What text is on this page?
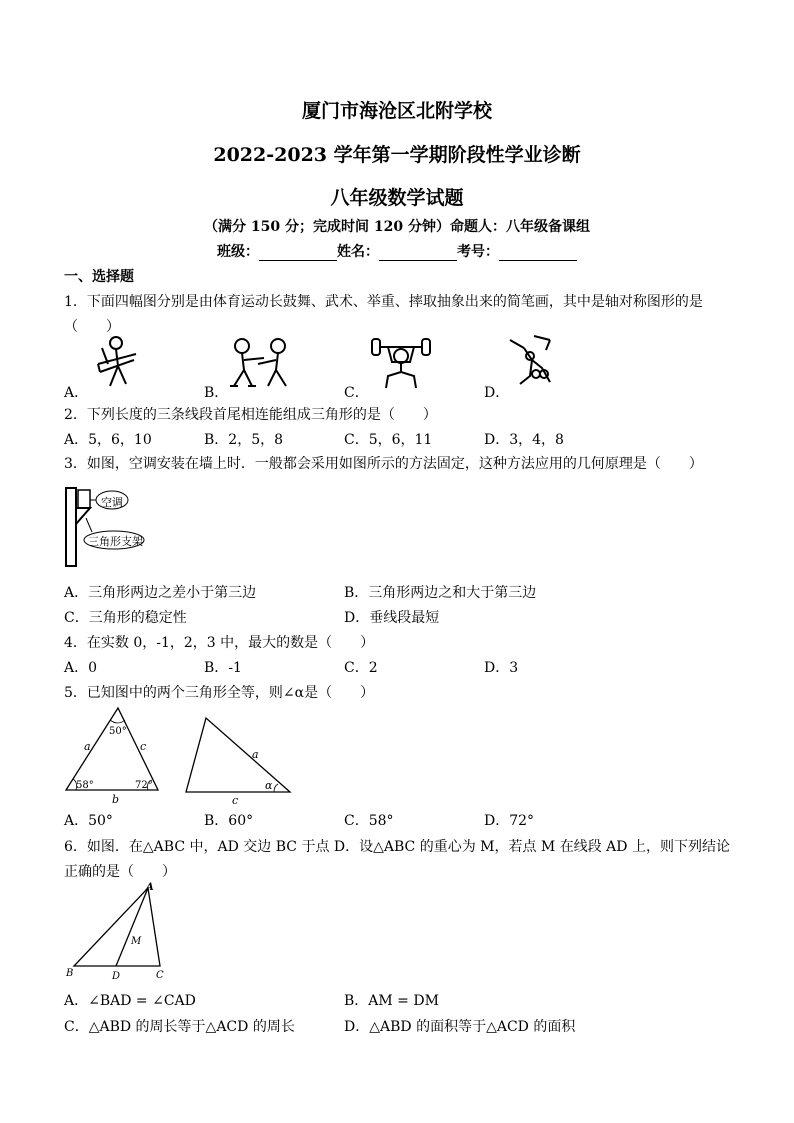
厦门市海沧区北附学校
2022-2023 学年第一学期阶段性学业诊断
八年级数学试题
（满分 150 分；完成时间 120 分钟）命题人：八年级备课组
班级：	姓名：	考号：
一、选择题
1．下面四幅图分别是由体育运动长鼓舞、武术、举重、摔取抽象出来的简笔画，其中是轴对称图形的是
（　　）
A．	B．	C．	D．
2．下列长度的三条线段首尾相连能组成三角形的是（　　）
A．5，6，10	B．2，5，8	C．5，6，11	D．3，4，8
3．如图，空调安装在墙上时．一般都会采用如图所示的方法固定，这种方法应用的几何原理是（　　）
空调
三角形支架
A．三角形两边之差小于第三边	B．三角形两边之和大于第三边
C．三角形的稳定性	D．垂线段最短
4．在实数 0，-1，2，3 中，最大的数是（　　）
A．0	B．-1	C．2	D．3
5．已知图中的两个三角形全等，则∠α是（　　）
50°
58°	72°
a	c
b
a
c
α
A．50°	B．60°	C．58°	D．72°
6．如图．在△ABC 中，AD 交边 BC 于点 D．设△ABC 的重心为 M，若点 M 在线段 AD 上，则下列结论
正确的是（　　）
A
B	C
D
M
A．∠BAD = ∠CAD	B．AM = DM
C．△ABD 的周长等于△ACD 的周长	D．△ABD 的面积等于△ACD 的面积
